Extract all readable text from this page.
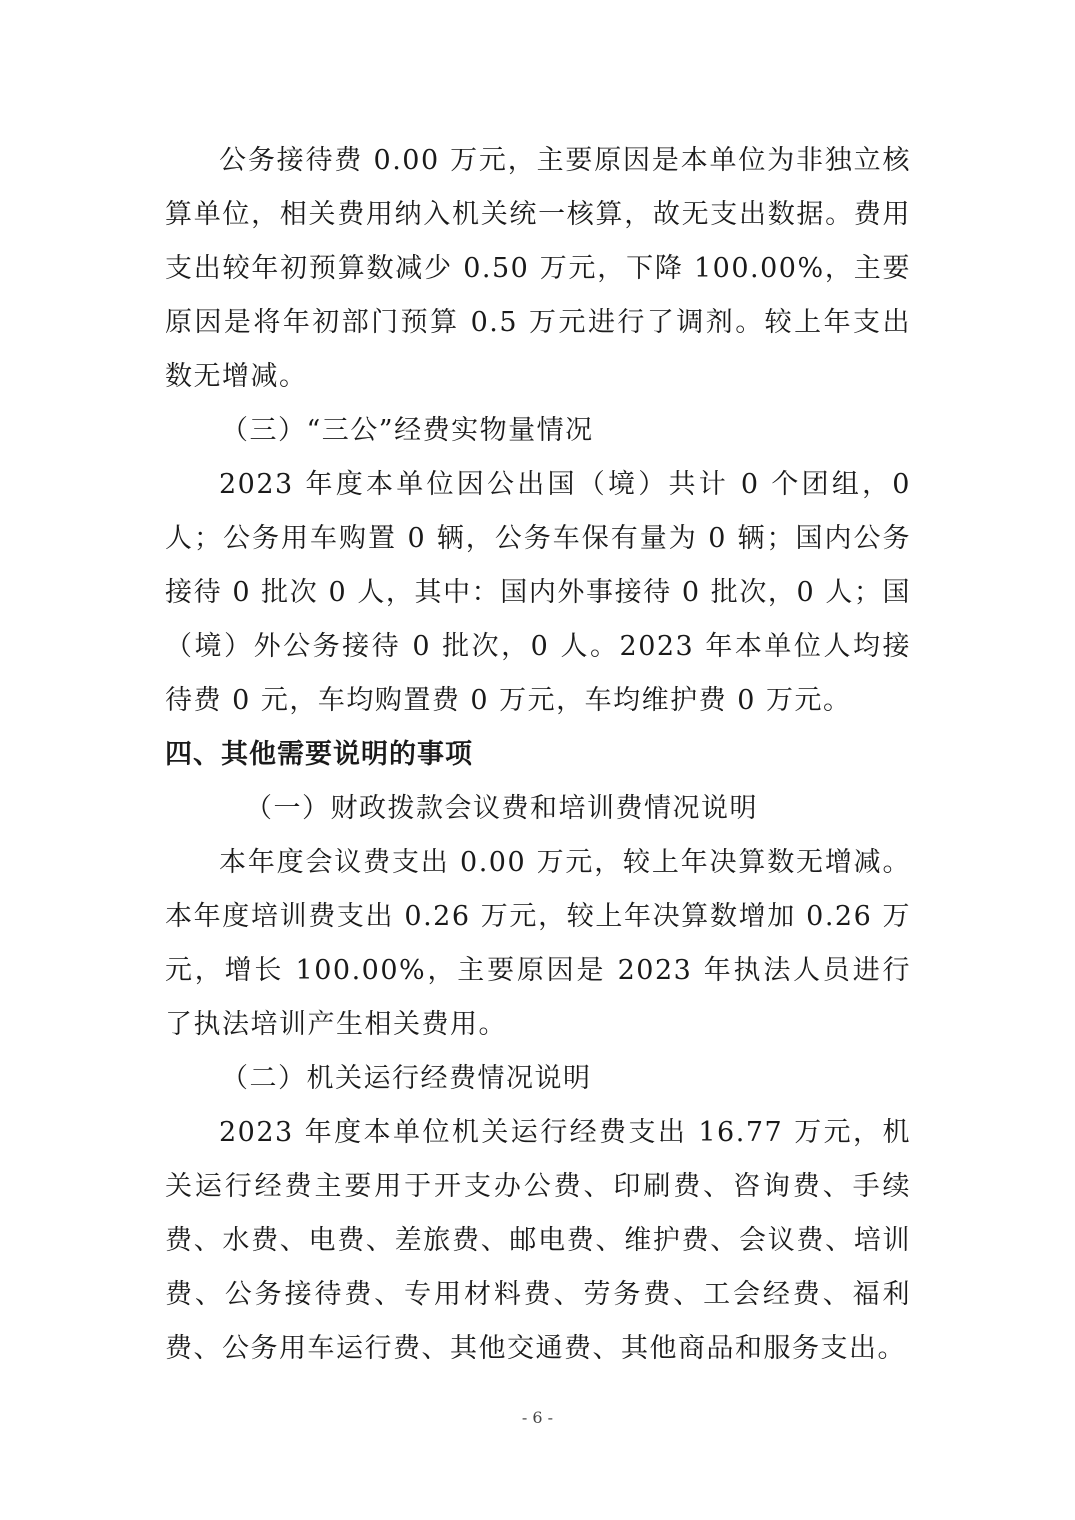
公务接待费 0.00 万元，主要原因是本单位为非独立核算单位，相关费用纳入机关统一核算，故无支出数据。费用支出较年初预算数减少 0.50 万元，下降 100.00%，主要原因是将年初部门预算 0.5 万元进行了调剂。较上年支出数无增减。

（三）“三公”经费实物量情况

2023 年度本单位因公出国（境）共计 0 个团组，0 人；公务用车购置 0 辆，公务车保有量为 0 辆；国内公务接待 0 批次 0 人，其中：国内外事接待 0 批次，0 人；国（境）外公务接待 0 批次，0 人。2023 年本单位人均接待费 0 元，车均购置费 0 万元，车均维护费 0 万元。

四、其他需要说明的事项

（一）财政拨款会议费和培训费情况说明

本年度会议费支出 0.00 万元，较上年决算数无增减。本年度培训费支出 0.26 万元，较上年决算数增加 0.26 万元，增长 100.00%，主要原因是 2023 年执法人员进行了执法培训产生相关费用。

（二）机关运行经费情况说明

2023 年度本单位机关运行经费支出 16.77 万元，机关运行经费主要用于开支办公费、印刷费、咨询费、手续费、水费、电费、差旅费、邮电费、维护费、会议费、培训费、公务接待费、专用材料费、劳务费、工会经费、福利费、公务用车运行费、其他交通费、其他商品和服务支出。

- 6 -
